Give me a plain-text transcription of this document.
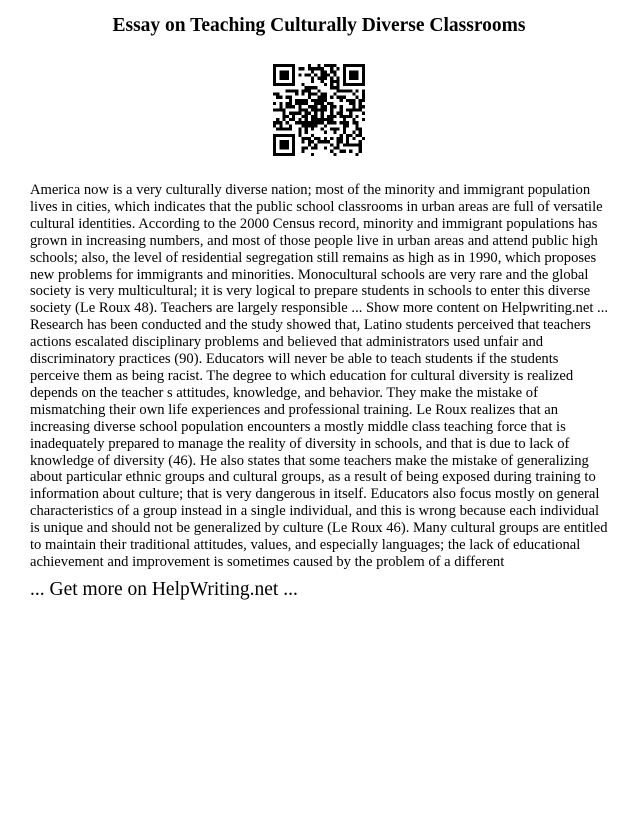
Essay on Teaching Culturally Diverse Classrooms

America now is a very culturally diverse nation; most of the minority and immigrant population lives in cities, which indicates that the public school classrooms in urban areas are full of versatile cultural identities. According to the 2000 Census record, minority and immigrant populations has grown in increasing numbers, and most of those people live in urban areas and attend public high schools; also, the level of residential segregation still remains as high as in 1990, which proposes new problems for immigrants and minorities. Monocultural schools are very rare and the global society is very multicultural; it is very logical to prepare students in schools to enter this diverse society (Le Roux 48). Teachers are largely responsible ... Show more content on Helpwriting.net ...

Research has been conducted and the study showed that, Latino students perceived that teachers actions escalated disciplinary problems and believed that administrators used unfair and discriminatory practices (90). Educators will never be able to teach students if the students perceive them as being racist. The degree to which education for cultural diversity is realized depends on the teacher s attitudes, knowledge, and behavior. They make the mistake of mismatching their own life experiences and professional training. Le Roux realizes that an increasing diverse school population encounters a mostly middle class teaching force that is inadequately prepared to manage the reality of diversity in schools, and that is due to lack of knowledge of diversity (46). He also states that some teachers make the mistake of generalizing about particular ethnic groups and cultural groups, as a result of being exposed during training to information about culture; that is very dangerous in itself. Educators also focus mostly on general characteristics of a group instead in a single individual, and this is wrong because each individual is unique and should not be generalized by culture (Le Roux 46). Many cultural groups are entitled to maintain their traditional attitudes, values, and especially languages; the lack of educational achievement and improvement is sometimes caused by the problem of a different

... Get more on HelpWriting.net ...
